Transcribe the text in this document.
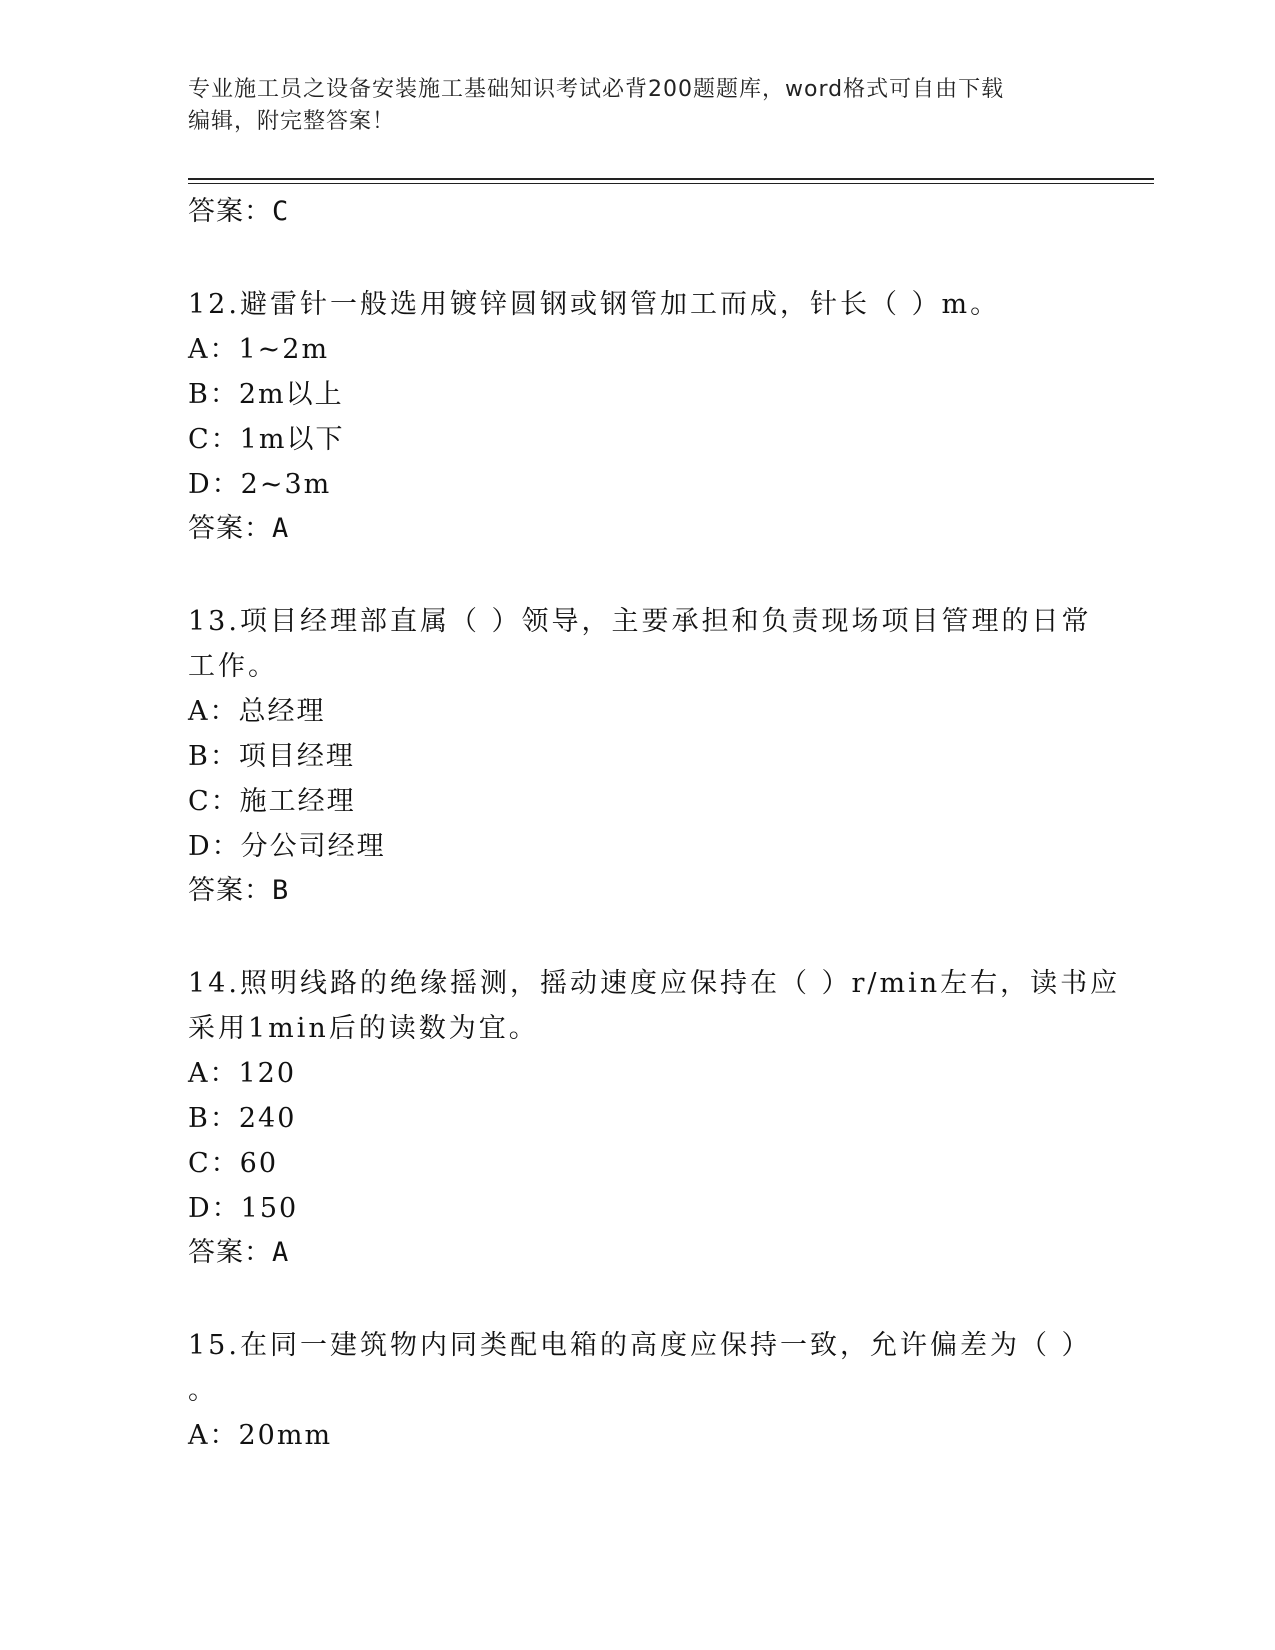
专业施工员之设备安装施工基础知识考试必背200题题库，word格式可自由下载
编辑，附完整答案！
答案：C
12.避雷针一般选用镀锌圆钢或钢管加工而成，针长（ ）m。
A：1~2m
B：2m以上
C：1m以下
D：2~3m
答案：A
13.项目经理部直属（ ）领导，主要承担和负责现场项目管理的日常
工作。
A：总经理
B：项目经理
C：施工经理
D：分公司经理
答案：B
14.照明线路的绝缘摇测，摇动速度应保持在（ ）r/min左右，读书应
采用1min后的读数为宜。
A：120
B：240
C：60
D：150
答案：A
15.在同一建筑物内同类配电箱的高度应保持一致，允许偏差为（ ）
。
A：20mm
